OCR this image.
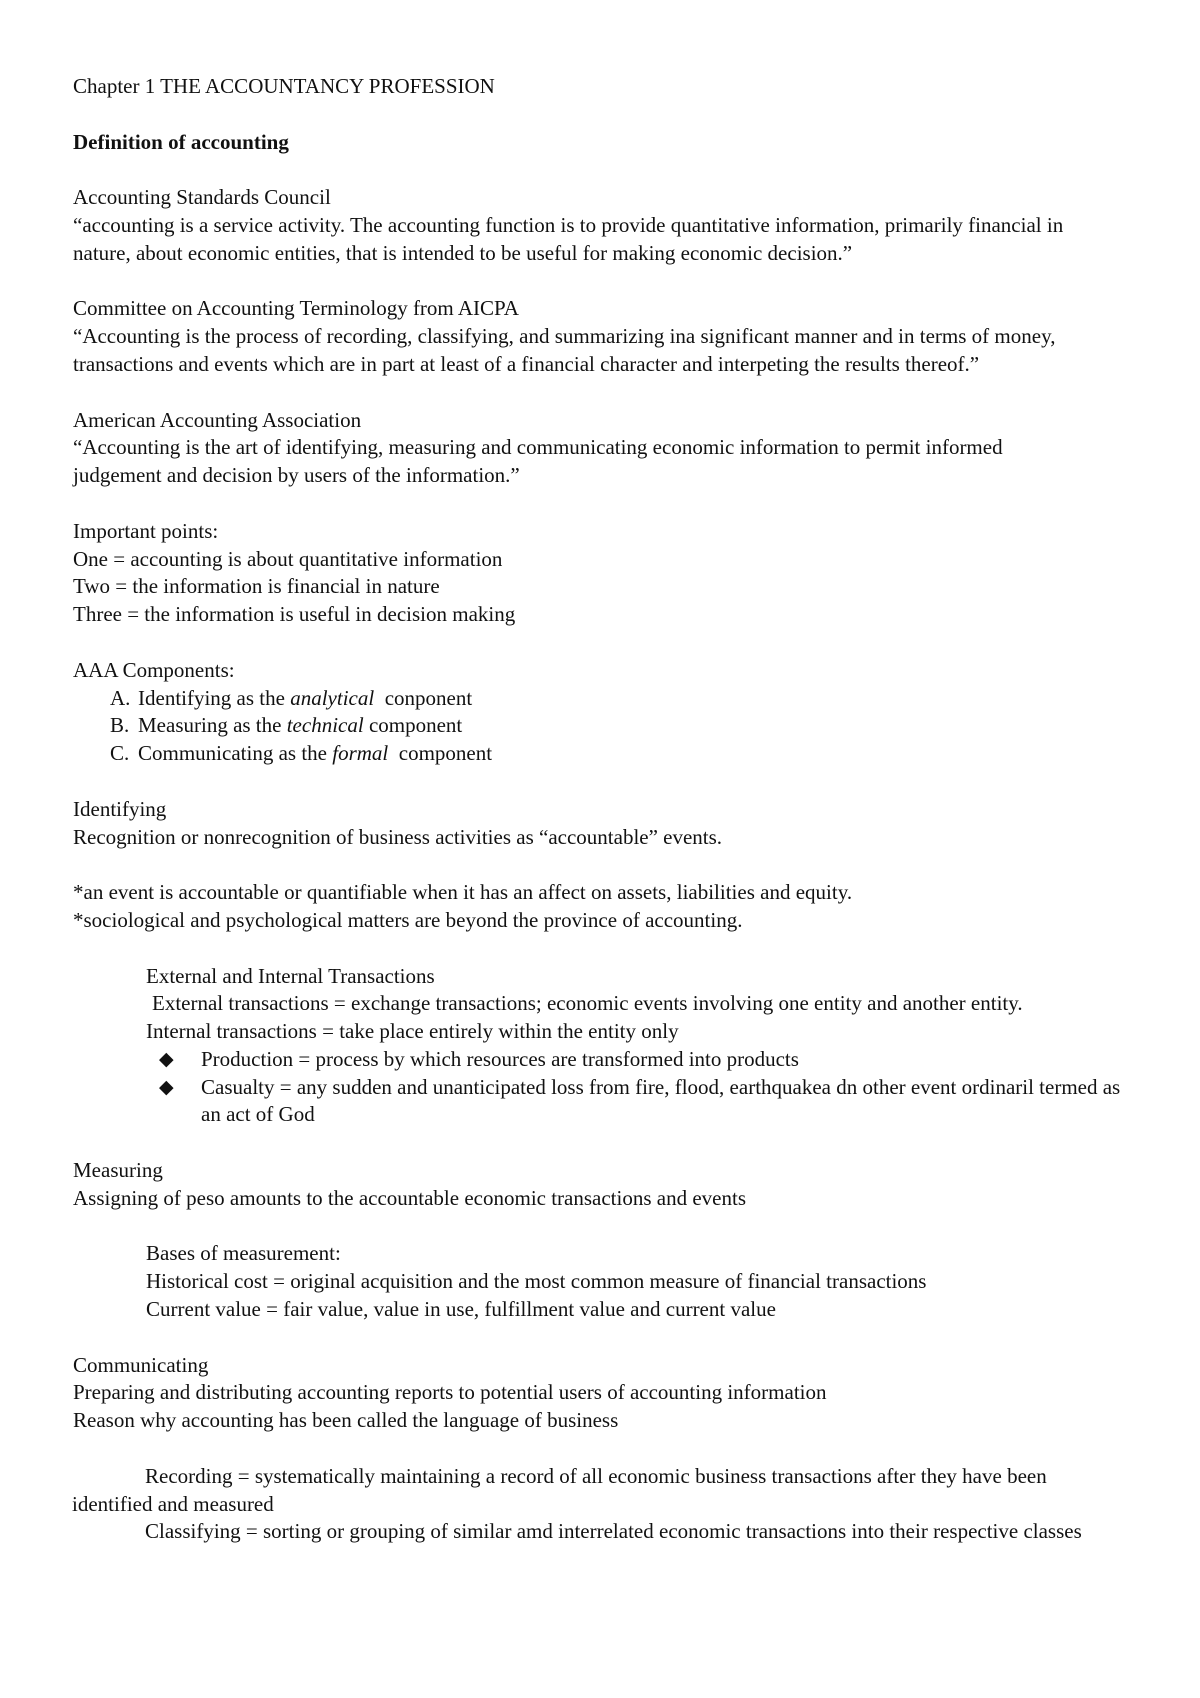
Chapter 1 THE ACCOUNTANCY PROFESSION
Definition of accounting
Accounting Standards Council
“accounting is a service activity. The accounting function is to provide quantitative information, primarily financial in nature, about economic entities, that is intended to be useful for making economic decision.”
Committee on Accounting Terminology from AICPA
“Accounting is the process of recording, classifying, and summarizing ina significant manner and in terms of money, transactions and events which are in part at least of a financial character and interpeting the results thereof.”
American Accounting Association
“Accounting is the art of identifying, measuring and communicating economic information to permit informed judgement and decision by users of the information.”
Important points:
One = accounting is about quantitative information
Two = the information is financial in nature
Three = the information is useful in decision making
AAA Components:
A. Identifying as the analytical  conponent
B. Measuring as the technical component
C. Communicating as the formal  component
Identifying
Recognition or nonrecognition of business activities as “accountable” events.
*an event is accountable or quantifiable when it has an affect on assets, liabilities and equity.
*sociological and psychological matters are beyond the province of accounting.
External and Internal Transactions
External transactions = exchange transactions; economic events involving one entity and another entity.
Internal transactions = take place entirely within the entity only
◆ Production = process by which resources are transformed into products
◆ Casualty = any sudden and unanticipated loss from fire, flood, earthquakea dn other event ordinaril termed as an act of God
Measuring
Assigning of peso amounts to the accountable economic transactions and events
Bases of measurement:
Historical cost = original acquisition and the most common measure of financial transactions
Current value = fair value, value in use, fulfillment value and current value
Communicating
Preparing and distributing accounting reports to potential users of accounting information
Reason why accounting has been called the language of business
Recording = systematically maintaining a record of all economic business transactions after they have been identified and measured
Classifying = sorting or grouping of similar amd interrelated economic transactions into their respective classes
